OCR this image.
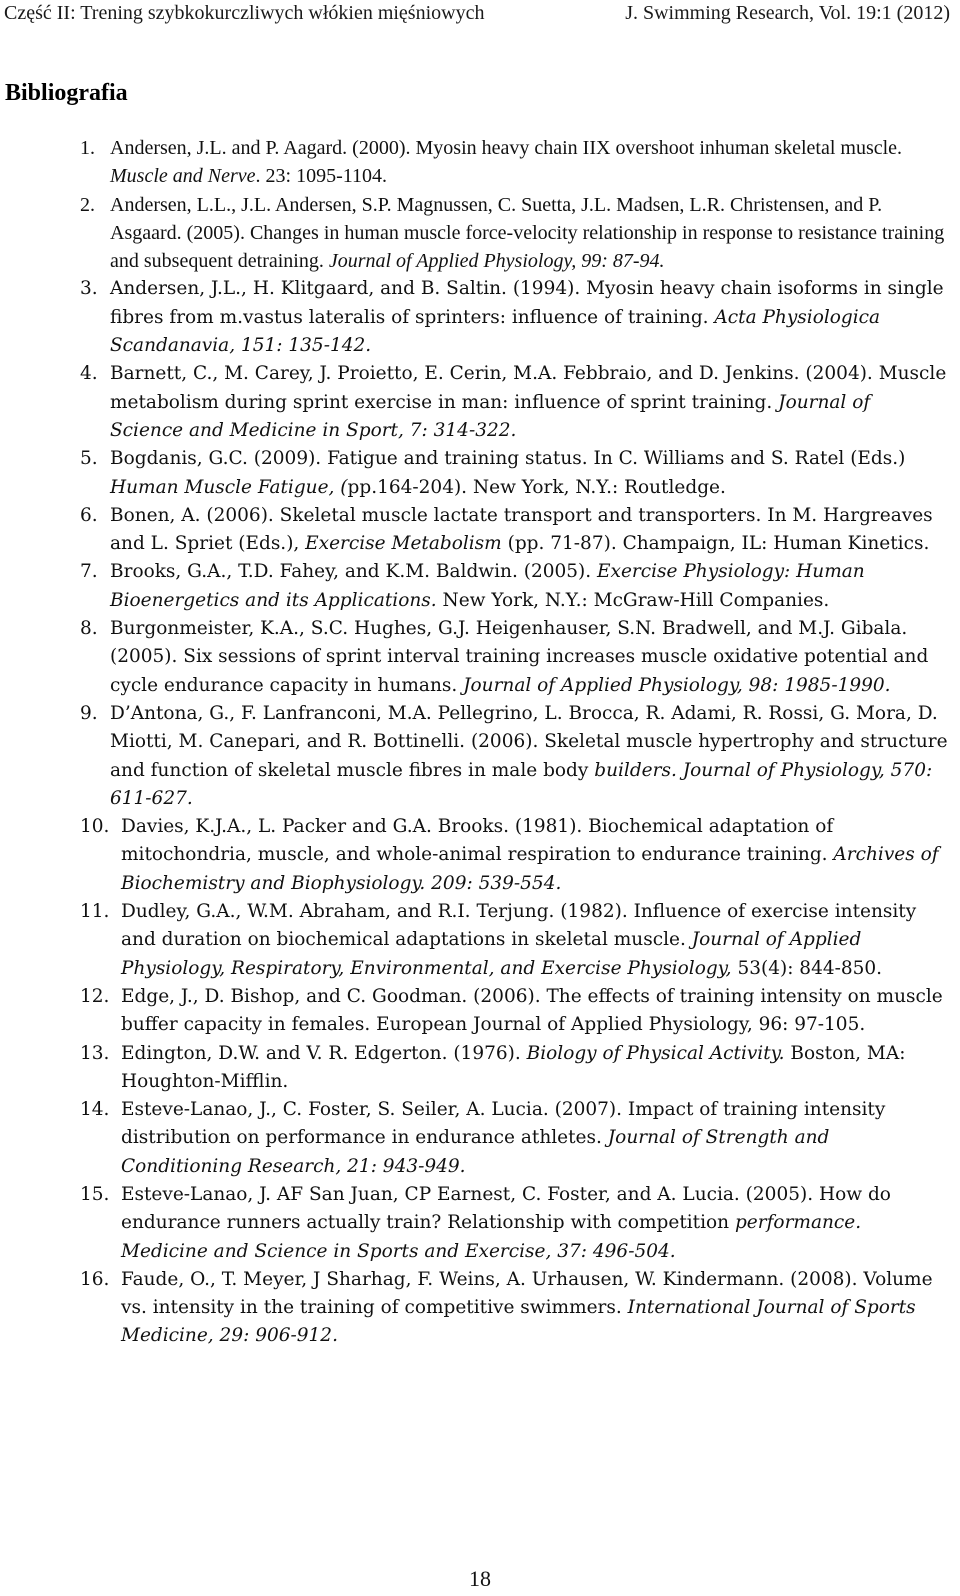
Część II: Trening szybkokurczliwych włókien mięśniowych	J. Swimming Research, Vol. 19:1 (2012)
Bibliografia
1. Andersen, J.L. and P. Aagard. (2000). Myosin heavy chain IIX overshoot inhuman skeletal muscle. Muscle and Nerve. 23: 1095-1104.
2. Andersen, L.L., J.L. Andersen, S.P. Magnussen, C. Suetta, J.L. Madsen, L.R. Christensen, and P. Asgaard. (2005). Changes in human muscle force-velocity relationship in response to resistance training and subsequent detraining. Journal of Applied Physiology, 99: 87-94.
3. Andersen, J.L., H. Klitgaard, and B. Saltin. (1994). Myosin heavy chain isoforms in single fibres from m.vastus lateralis of sprinters: influence of training. Acta Physiologica Scandanavia, 151: 135-142.
4. Barnett, C., M. Carey, J. Proietto, E. Cerin, M.A. Febbraio, and D. Jenkins. (2004). Muscle metabolism during sprint exercise in man: influence of sprint training. Journal of Science and Medicine in Sport, 7: 314-322.
5. Bogdanis, G.C. (2009). Fatigue and training status. In C. Williams and S. Ratel (Eds.) Human Muscle Fatigue, (pp.164-204). New York, N.Y.: Routledge.
6. Bonen, A. (2006). Skeletal muscle lactate transport and transporters. In M. Hargreaves and L. Spriet (Eds.), Exercise Metabolism (pp. 71-87). Champaign, IL: Human Kinetics.
7. Brooks, G.A., T.D. Fahey, and K.M. Baldwin. (2005). Exercise Physiology: Human Bioenergetics and its Applications. New York, N.Y.: McGraw-Hill Companies.
8. Burgonmeister, K.A., S.C. Hughes, G.J. Heigenhauser, S.N. Bradwell, and M.J. Gibala. (2005). Six sessions of sprint interval training increases muscle oxidative potential and cycle endurance capacity in humans. Journal of Applied Physiology, 98: 1985-1990.
9. D’Antona, G., F. Lanfranconi, M.A. Pellegrino, L. Brocca, R. Adami, R. Rossi, G. Mora, D. Miotti, M. Canepari, and R. Bottinelli. (2006). Skeletal muscle hypertrophy and structure and function of skeletal muscle fibres in male body builders. Journal of Physiology, 570: 611-627.
10. Davies, K.J.A., L. Packer and G.A. Brooks. (1981). Biochemical adaptation of mitochondria, muscle, and whole-animal respiration to endurance training. Archives of Biochemistry and Biophysiology. 209: 539-554.
11. Dudley, G.A., W.M. Abraham, and R.I. Terjung. (1982). Influence of exercise intensity and duration on biochemical adaptations in skeletal muscle. Journal of Applied Physiology, Respiratory, Environmental, and Exercise Physiology, 53(4): 844-850.
12. Edge, J., D. Bishop, and C. Goodman. (2006). The effects of training intensity on muscle buffer capacity in females. European Journal of Applied Physiology, 96: 97-105.
13. Edington, D.W. and V. R. Edgerton. (1976). Biology of Physical Activity. Boston, MA: Houghton-Mifflin.
14. Esteve-Lanao, J., C. Foster, S. Seiler, A. Lucia. (2007). Impact of training intensity distribution on performance in endurance athletes. Journal of Strength and Conditioning Research, 21: 943-949.
15. Esteve-Lanao, J. AF San Juan, CP Earnest, C. Foster, and A. Lucia. (2005). How do endurance runners actually train? Relationship with competition performance. Medicine and Science in Sports and Exercise, 37: 496-504.
16. Faude, O., T. Meyer, J Sharhag, F. Weins, A. Urhausen, W. Kindermann. (2008). Volume vs. intensity in the training of competitive swimmers. International Journal of Sports Medicine, 29: 906-912.
18
